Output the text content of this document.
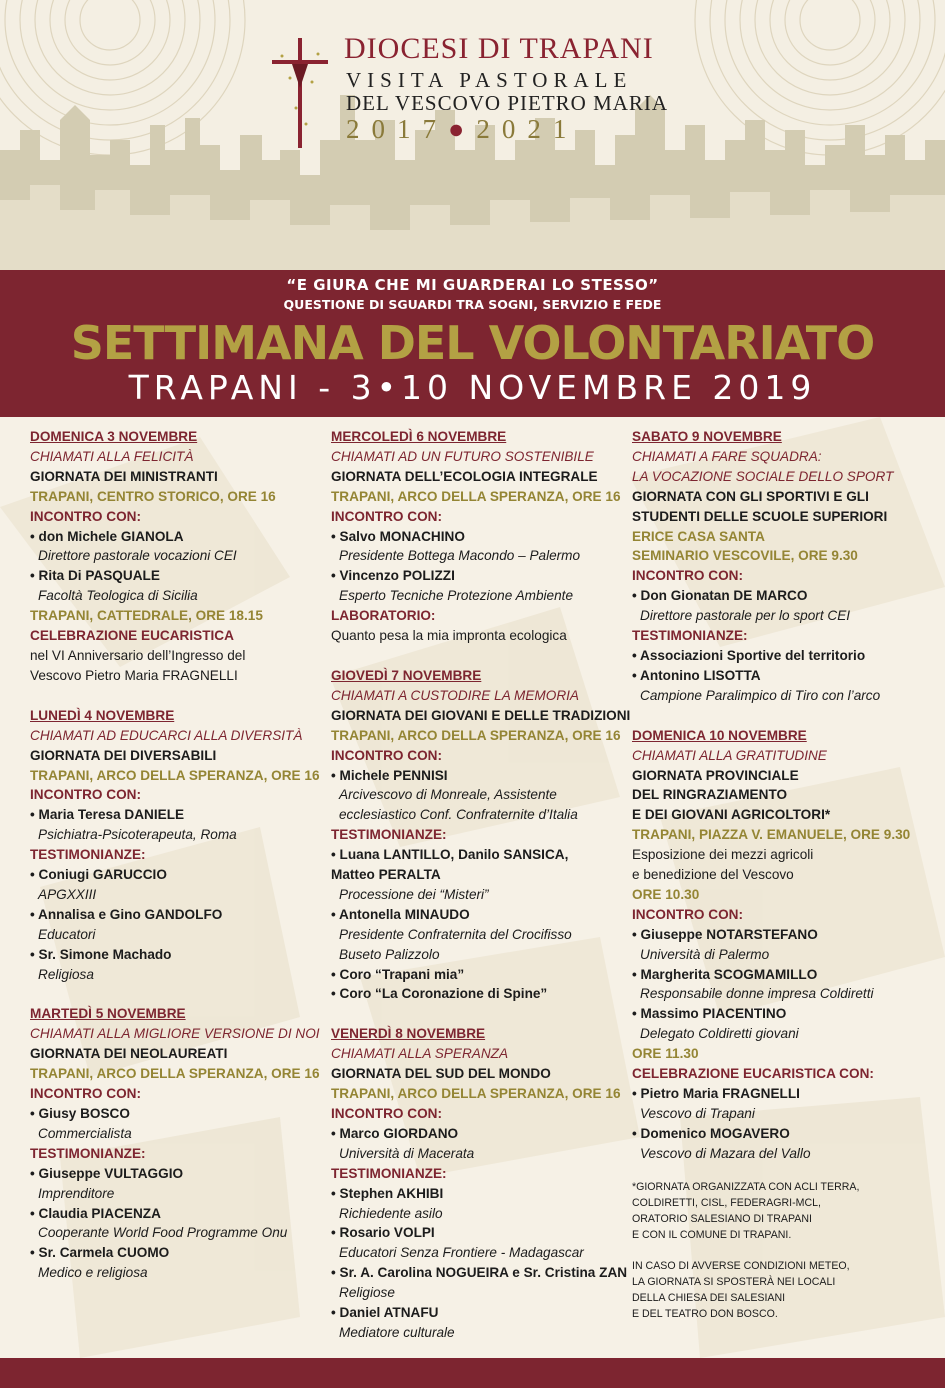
DIOCESI DI TRAPANI
VISITA PASTORALE
DEL VESCOVO PIETRO MARIA
2017●2021
“E GIURA CHE MI GUARDERAI LO STESSO”
QUESTIONE DI SGUARDI TRA SOGNI, SERVIZIO E FEDE
SETTIMANA DEL VOLONTARIATO
TRAPANI - 3•10 NOVEMBRE 2019
DOMENICA 3 NOVEMBRE
CHIAMATI ALLA FELICITÀ
GIORNATA DEI MINISTRANTI
TRAPANI, CENTRO STORICO, ORE 16
INCONTRO CON:
• don Michele GIANOLA
Direttore pastorale vocazioni CEI
• Rita Di PASQUALE
Facoltà Teologica di Sicilia
TRAPANI, CATTEDRALE, ORE 18.15
CELEBRAZIONE EUCARISTICA
nel VI Anniversario dell’Ingresso del
Vescovo Pietro Maria FRAGNELLI
LUNEDÌ 4 NOVEMBRE
CHIAMATI AD EDUCARCI ALLA DIVERSITÀ
GIORNATA DEI DIVERSABILI
TRAPANI, ARCO DELLA SPERANZA, ORE 16
INCONTRO CON:
• Maria Teresa DANIELE
Psichiatra-Psicoterapeuta, Roma
TESTIMONIANZE:
• Coniugi GARUCCIO
APGXXIII
• Annalisa e Gino GANDOLFO
Educatori
• Sr. Simone Machado
Religiosa
MARTEDÌ 5 NOVEMBRE
CHIAMATI ALLA MIGLIORE VERSIONE DI NOI
GIORNATA DEI NEOLAUREATI
TRAPANI, ARCO DELLA SPERANZA, ORE 16
INCONTRO CON:
• Giusy BOSCO
Commercialista
TESTIMONIANZE:
• Giuseppe VULTAGGIO
Imprenditore
• Claudia PIACENZA
Cooperante World Food Programme Onu
• Sr. Carmela CUOMO
Medico e religiosa
MERCOLEDÌ 6 NOVEMBRE
CHIAMATI AD UN FUTURO SOSTENIBILE
GIORNATA DELL’ECOLOGIA INTEGRALE
TRAPANI, ARCO DELLA SPERANZA, ORE 16
INCONTRO CON:
• Salvo MONACHINO
Presidente Bottega Macondo – Palermo
• Vincenzo POLIZZI
Esperto Tecniche Protezione Ambiente
LABORATORIO:
Quanto pesa la mia impronta ecologica
GIOVEDÌ 7 NOVEMBRE
CHIAMATI A CUSTODIRE LA MEMORIA
GIORNATA DEI GIOVANI E DELLE TRADIZIONI
TRAPANI, ARCO DELLA SPERANZA, ORE 16
INCONTRO CON:
• Michele PENNISI
Arcivescovo di Monreale, Assistente
ecclesiastico Conf. Confraternite d’Italia
TESTIMONIANZE:
• Luana LANTILLO, Danilo SANSICA,
Matteo PERALTA
Processione dei “Misteri”
• Antonella MINAUDO
Presidente Confraternita del Crocifisso
Buseto Palizzolo
• Coro “Trapani mia”
• Coro “La Coronazione di Spine”
VENERDÌ 8 NOVEMBRE
CHIAMATI ALLA SPERANZA
GIORNATA DEL SUD DEL MONDO
TRAPANI, ARCO DELLA SPERANZA, ORE 16
INCONTRO CON:
• Marco GIORDANO
Università di Macerata
TESTIMONIANZE:
• Stephen AKHIBI
Richiedente asilo
• Rosario VOLPI
Educatori Senza Frontiere - Madagascar
• Sr. A. Carolina NOGUEIRA e Sr. Cristina ZAN
Religiose
• Daniel ATNAFU
Mediatore culturale
SABATO 9 NOVEMBRE
CHIAMATI A FARE SQUADRA:
LA VOCAZIONE SOCIALE DELLO SPORT
GIORNATA CON GLI SPORTIVI E GLI
STUDENTI DELLE SCUOLE SUPERIORI
ERICE CASA SANTA
SEMINARIO VESCOVILE, ORE 9.30
INCONTRO CON:
• Don Gionatan DE MARCO
Direttore pastorale per lo sport CEI
TESTIMONIANZE:
• Associazioni Sportive del territorio
• Antonino LISOTTA
Campione Paralimpico di Tiro con l’arco
DOMENICA 10 NOVEMBRE
CHIAMATI ALLA GRATITUDINE
GIORNATA PROVINCIALE
DEL RINGRAZIAMENTO
E DEI GIOVANI AGRICOLTORI*
TRAPANI, PIAZZA V. EMANUELE, ORE 9.30
Esposizione dei mezzi agricoli
e benedizione del Vescovo
ORE 10.30
INCONTRO CON:
• Giuseppe NOTARSTEFANO
Università di Palermo
• Margherita SCOGMAMILLO
Responsabile donne impresa Coldiretti
• Massimo PIACENTINO
Delegato Coldiretti giovani
ORE 11.30
CELEBRAZIONE EUCARISTICA CON:
• Pietro Maria FRAGNELLI
Vescovo di Trapani
• Domenico MOGAVERO
Vescovo di Mazara del Vallo
*GIORNATA ORGANIZZATA CON ACLI TERRA,
COLDIRETTI, CISL, FEDERAGRI-MCL,
ORATORIO SALESIANO DI TRAPANI
E CON IL COMUNE DI TRAPANI.
IN CASO DI AVVERSE CONDIZIONI METEO,
LA GIORNATA SI SPOSTERÀ NEI LOCALI
DELLA CHIESA DEI SALESIANI
E DEL TEATRO DON BOSCO.
